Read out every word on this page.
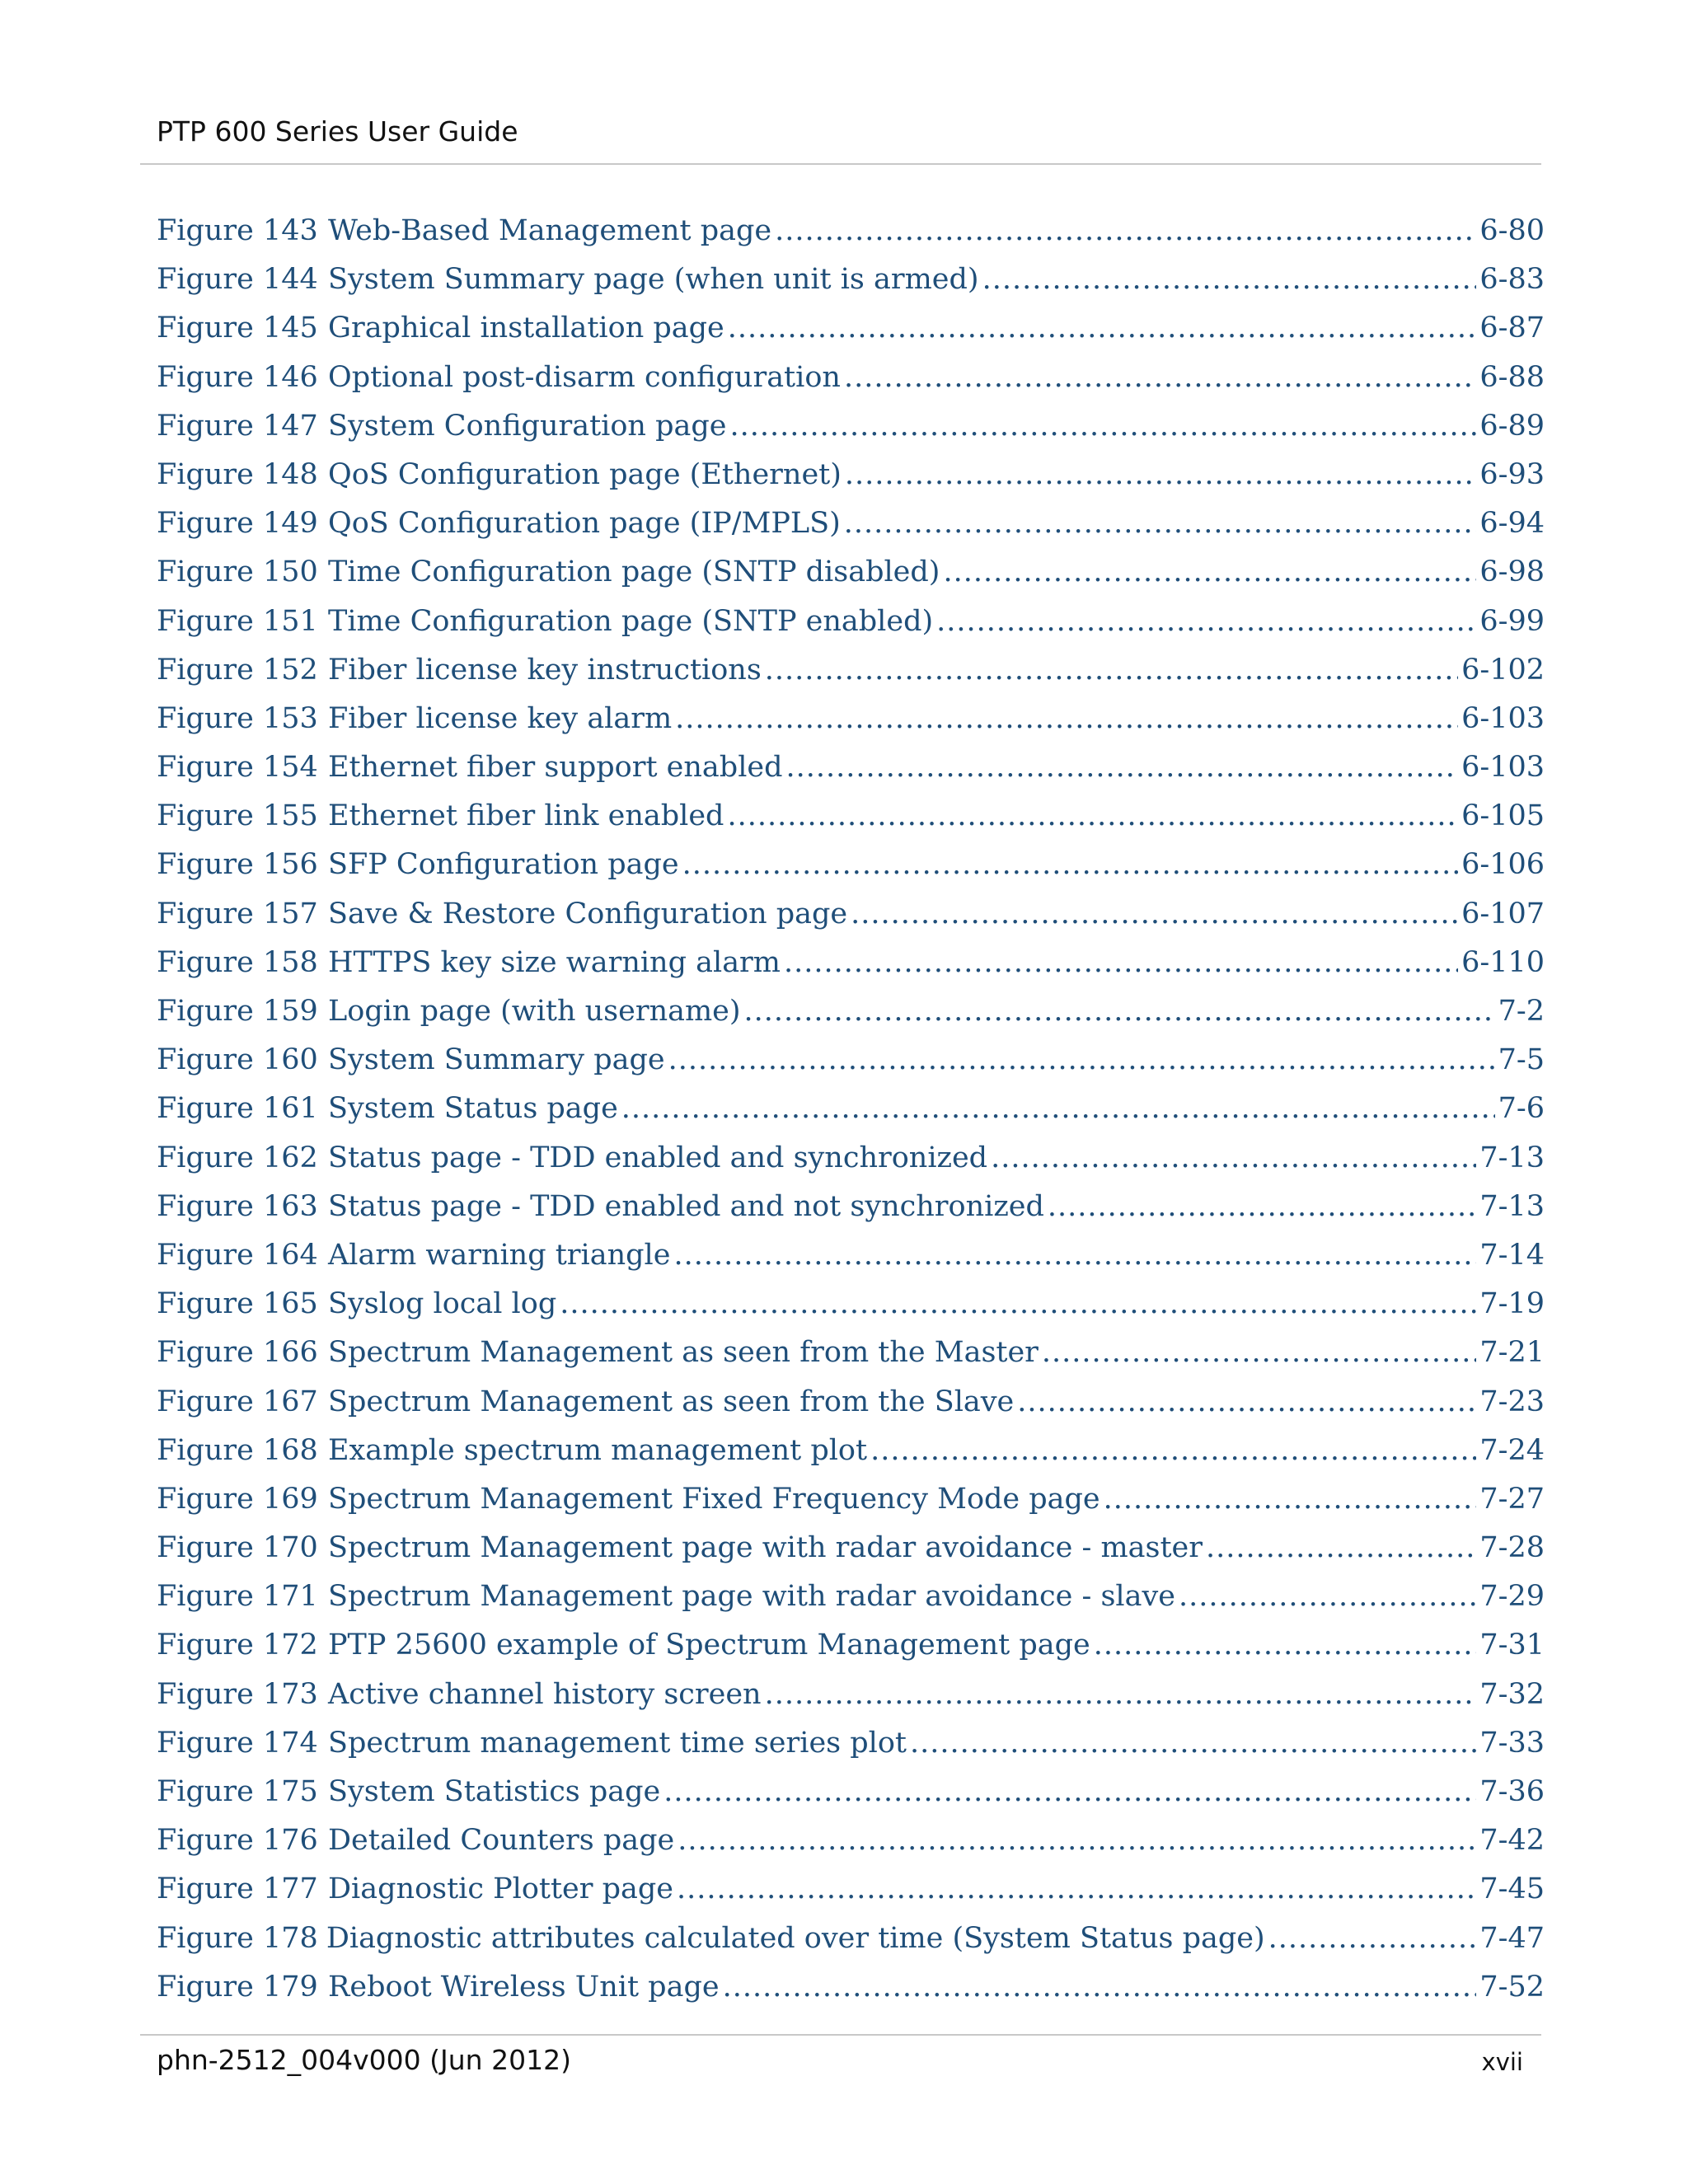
PTP 600 Series User Guide
Figure 143 Web-Based Management page .....	6-80
Figure 144 System Summary page (when unit is armed) .....	6-83
Figure 145 Graphical installation page .....	6-87
Figure 146 Optional post-disarm configuration .....	6-88
Figure 147 System Configuration page .....	6-89
Figure 148 QoS Configuration page (Ethernet) .....	6-93
Figure 149 QoS Configuration page (IP/MPLS) .....	6-94
Figure 150 Time Configuration page (SNTP disabled) .....	6-98
Figure 151 Time Configuration page (SNTP enabled) .....	6-99
Figure 152 Fiber license key instructions .....	6-102
Figure 153 Fiber license key alarm .....	6-103
Figure 154 Ethernet fiber support enabled .....	6-103
Figure 155 Ethernet fiber link enabled .....	6-105
Figure 156 SFP Configuration page .....	6-106
Figure 157 Save & Restore Configuration page .....	6-107
Figure 158 HTTPS key size warning alarm .....	6-110
Figure 159 Login page (with username) .....	7-2
Figure 160 System Summary page .....	7-5
Figure 161 System Status page .....	7-6
Figure 162 Status page - TDD enabled and synchronized .....	7-13
Figure 163 Status page - TDD enabled and not synchronized .....	7-13
Figure 164 Alarm warning triangle .....	7-14
Figure 165 Syslog local log .....	7-19
Figure 166 Spectrum Management as seen from the Master .....	7-21
Figure 167 Spectrum Management as seen from the Slave .....	7-23
Figure 168 Example spectrum management plot .....	7-24
Figure 169 Spectrum Management Fixed Frequency Mode page .....	7-27
Figure 170 Spectrum Management page with radar avoidance - master .....	7-28
Figure 171 Spectrum Management page with radar avoidance - slave .....	7-29
Figure 172 PTP 25600 example of Spectrum Management page .....	7-31
Figure 173 Active channel history screen .....	7-32
Figure 174 Spectrum management time series plot .....	7-33
Figure 175 System Statistics page .....	7-36
Figure 176 Detailed Counters page .....	7-42
Figure 177 Diagnostic Plotter page .....	7-45
Figure 178 Diagnostic attributes calculated over time (System Status page) .....	7-47
Figure 179 Reboot Wireless Unit page .....	7-52
phn-2512_004v000 (Jun 2012)	xvii
